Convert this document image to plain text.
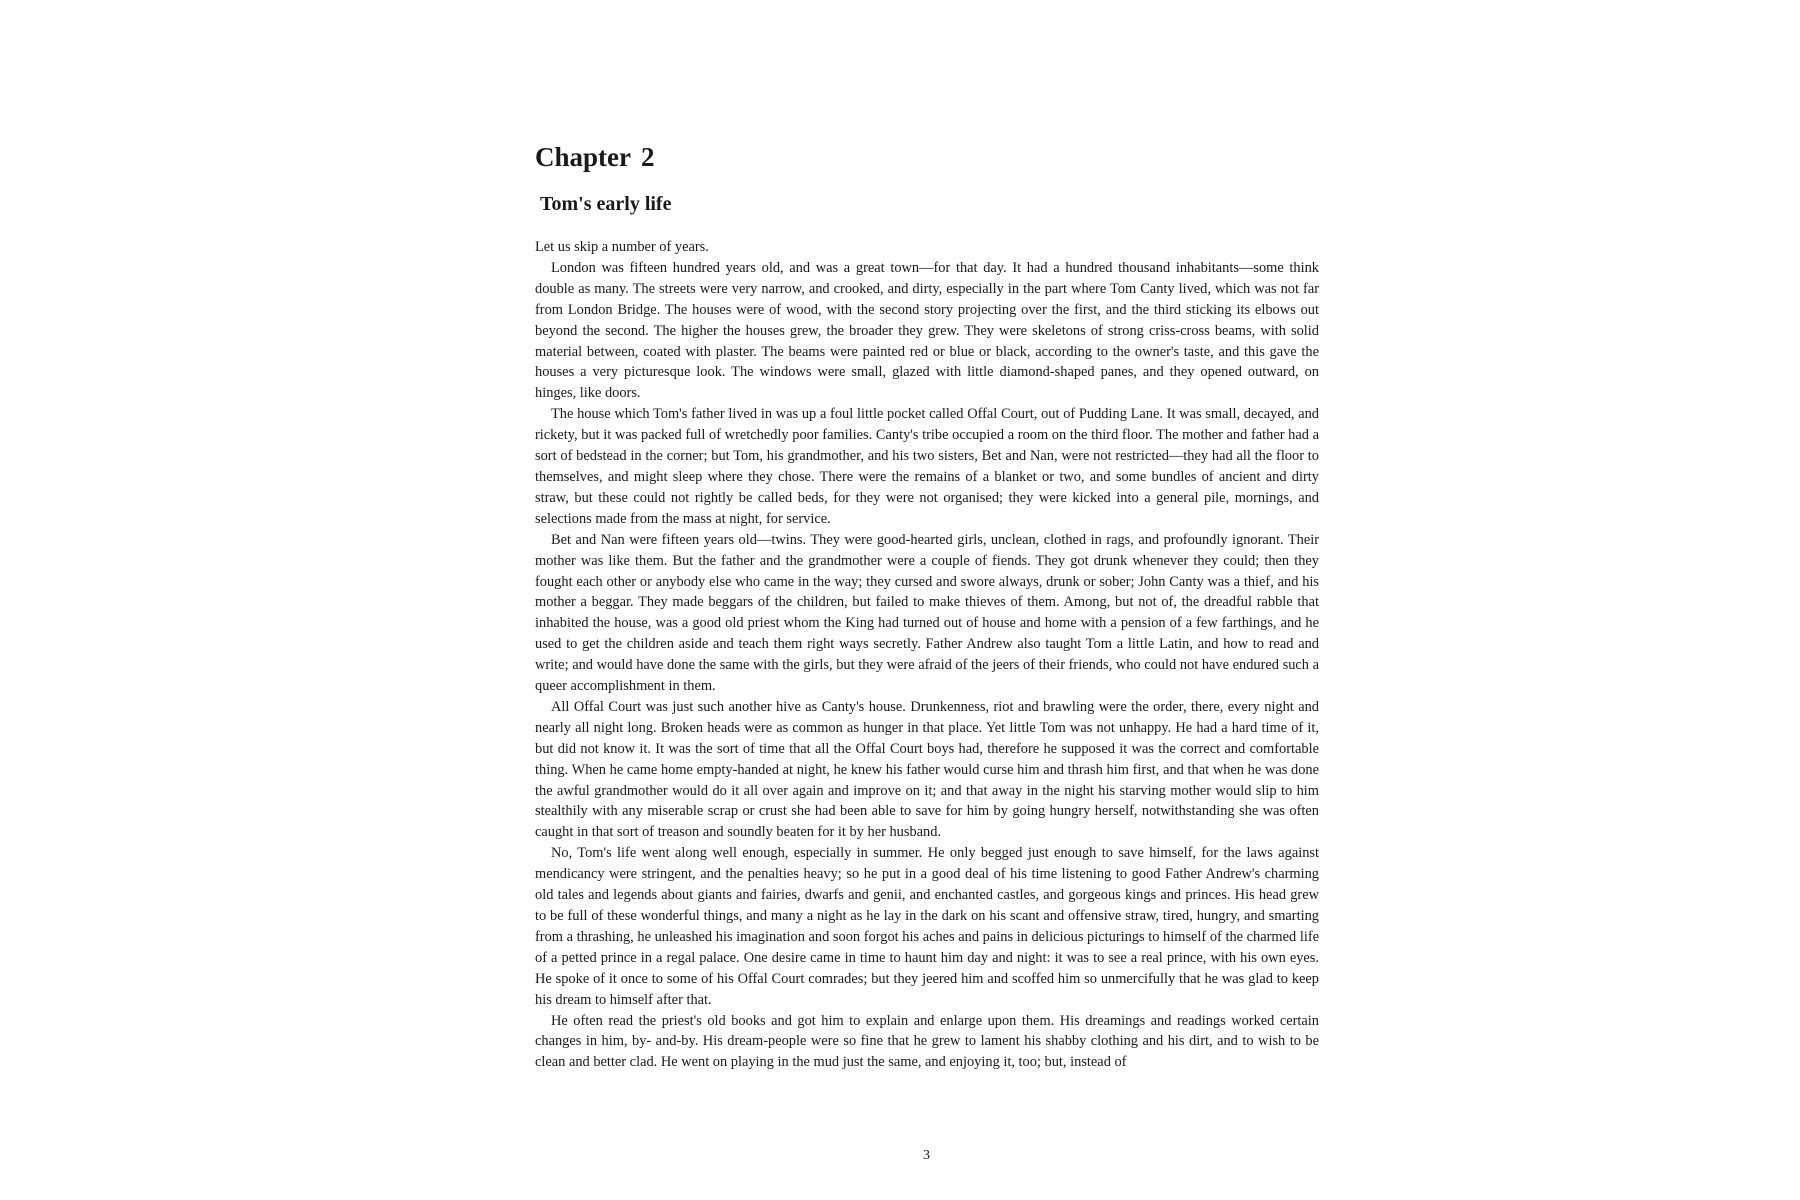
Chapter 2
Tom's early life

Let us skip a number of years.

London was fifteen hundred years old, and was a great town—for that day. It had a hundred thousand inhabitants—some think double as many. The streets were very narrow, and crooked, and dirty, especially in the part where Tom Canty lived, which was not far from London Bridge. The houses were of wood, with the second story projecting over the first, and the third sticking its elbows out beyond the second. The higher the houses grew, the broader they grew. They were skeletons of strong criss-cross beams, with solid material between, coated with plaster. The beams were painted red or blue or black, according to the owner's taste, and this gave the houses a very picturesque look. The windows were small, glazed with little diamond-shaped panes, and they opened outward, on hinges, like doors.

The house which Tom's father lived in was up a foul little pocket called Offal Court, out of Pudding Lane. It was small, decayed, and rickety, but it was packed full of wretchedly poor families. Canty's tribe occupied a room on the third floor. The mother and father had a sort of bedstead in the corner; but Tom, his grandmother, and his two sisters, Bet and Nan, were not restricted—they had all the floor to themselves, and might sleep where they chose. There were the remains of a blanket or two, and some bundles of ancient and dirty straw, but these could not rightly be called beds, for they were not organised; they were kicked into a general pile, mornings, and selections made from the mass at night, for service.

Bet and Nan were fifteen years old—twins. They were good-hearted girls, unclean, clothed in rags, and profoundly ignorant. Their mother was like them. But the father and the grandmother were a couple of fiends. They got drunk whenever they could; then they fought each other or anybody else who came in the way; they cursed and swore always, drunk or sober; John Canty was a thief, and his mother a beggar. They made beggars of the children, but failed to make thieves of them. Among, but not of, the dreadful rabble that inhabited the house, was a good old priest whom the King had turned out of house and home with a pension of a few farthings, and he used to get the children aside and teach them right ways secretly. Father Andrew also taught Tom a little Latin, and how to read and write; and would have done the same with the girls, but they were afraid of the jeers of their friends, who could not have endured such a queer accomplishment in them.

All Offal Court was just such another hive as Canty's house. Drunkenness, riot and brawling were the order, there, every night and nearly all night long. Broken heads were as common as hunger in that place. Yet little Tom was not unhappy. He had a hard time of it, but did not know it. It was the sort of time that all the Offal Court boys had, therefore he supposed it was the correct and comfortable thing. When he came home empty-handed at night, he knew his father would curse him and thrash him first, and that when he was done the awful grandmother would do it all over again and improve on it; and that away in the night his starving mother would slip to him stealthily with any miserable scrap or crust she had been able to save for him by going hungry herself, notwithstanding she was often caught in that sort of treason and soundly beaten for it by her husband.

No, Tom's life went along well enough, especially in summer. He only begged just enough to save himself, for the laws against mendicancy were stringent, and the penalties heavy; so he put in a good deal of his time listening to good Father Andrew's charming old tales and legends about giants and fairies, dwarfs and genii, and enchanted castles, and gorgeous kings and princes. His head grew to be full of these wonderful things, and many a night as he lay in the dark on his scant and offensive straw, tired, hungry, and smarting from a thrashing, he unleashed his imagination and soon forgot his aches and pains in delicious picturings to himself of the charmed life of a petted prince in a regal palace. One desire came in time to haunt him day and night: it was to see a real prince, with his own eyes. He spoke of it once to some of his Offal Court comrades; but they jeered him and scoffed him so unmercifully that he was glad to keep his dream to himself after that.

He often read the priest's old books and got him to explain and enlarge upon them. His dreamings and readings worked certain changes in him, by- and-by. His dream-people were so fine that he grew to lament his shabby clothing and his dirt, and to wish to be clean and better clad. He went on playing in the mud just the same, and enjoying it, too; but, instead of

3
